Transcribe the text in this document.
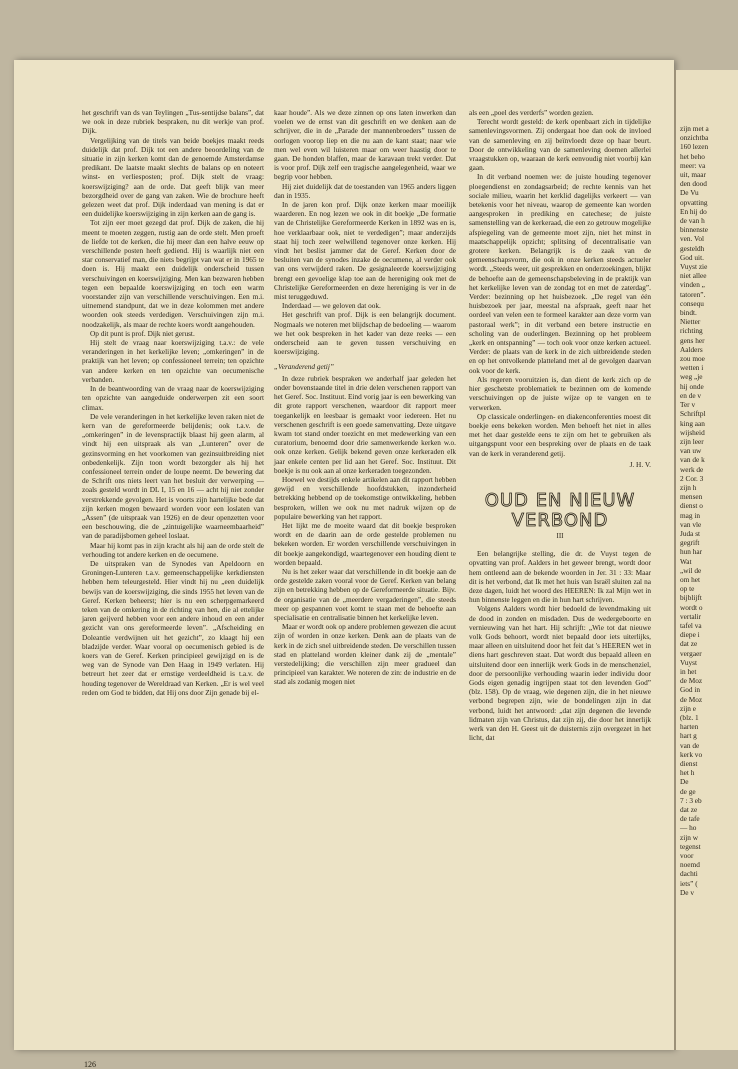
het geschrift van ds van Teylingen „Tus-sentijdse balans”, dat we ook in deze rubriek bespraken, nu dit werkje van prof. Dijk.

Vergelijking van de titels van beide boekjes maakt reeds duidelijk dat prof. Dijk tot een andere beoordeling van de situatie in zijn kerken komt dan de genoemde Amsterdamse predikant. De laatste maakt slechts de balans op en noteert winst- en verliesposten; prof. Dijk stelt de vraag: koerswijziging? aan de orde. Dat geeft blijk van meer bezorgdheid over de gang van zaken. Wie de brochure heeft gelezen weet dat prof. Dijk inderdaad van mening is dat er een duidelijke koerswijziging in zijn kerken aan de gang is.

Tot zijn eer moet gezegd dat prof. Dijk de zaken, die hij meent te moeten zeggen, rustig aan de orde stelt. Men proeft de liefde tot de kerken, die hij meer dan een halve eeuw op verschillende posten heeft gediend. Hij is waarlijk niet een star conservatief man, die niets begrijpt van wat er in 1965 te doen is. Hij maakt een duidelijk onderscheid tussen verschuivingen en koerswijziging. Men kan bezwaren hebben tegen een bepaalde koerswijziging en toch een warm voorstander zijn van verschillende verschuivingen. Een m.i. uitnemend standpunt, dat we in deze kolommen met andere woorden ook steeds verdedigen. Verschuivingen zijn m.i. noodzakelijk, als maar de rechte koers wordt aangehouden.

Op dit punt is prof. Dijk niet gerust.

Hij stelt de vraag naar koerswijziging t.a.v.: de vele veranderingen in het kerkelijke leven; „omkeringen” in de praktijk van het leven; op confessioneel terrein; ten opzichte van andere kerken en ten opzichte van oecumenische verbanden.

In de beantwoording van de vraag naar de koerswijziging ten opzichte van aangeduide onderwerpen zit een soort climax.

De vele veranderingen in het kerkelijke leven raken niet de kern van de gereformeerde belijdenis; ook t.a.v. de „omkeringen” in de levenspractijk blaast hij geen alarm, al vindt hij een uitspraak als van „Lunteren” over de gezinsvorming en het voorkomen van gezinsuitbreiding niet onbedenkelijk. Zijn toon wordt bezorgder als hij het confessioneel terrein onder de loupe neemt. De bewering dat de Schrift ons niets leert van het besluit der verwerping — zoals gesteld wordt in DL I, 15 en 16 — acht hij niet zonder verstrekkende gevolgen. Het is voorts zijn hartelijke bede dat zijn kerken mogen bewaard worden voor een loslaten van „Assen” (de uitspraak van 1926) en de deur openzetten voor een beschouwing, die de „zintuigelijke waarneembaarheid” van de paradijsbomen geheel loslaat.

Maar hij komt pas in zijn kracht als hij aan de orde stelt de verhouding tot andere kerken en de oecumene.

De uitspraken van de Synodes van Apeldoorn en Groningen-Lunteren t.a.v. gemeenschappelijke kerkdiensten hebben hem teleurgesteld. Hier vindt hij nu „een duidelijk bewijs van de koerswijziging, die sinds 1955 het leven van de Geref. Kerken beheerst; hier is nu een scherpgemarkeerd teken van de omkering in de richting van hen, die al ettelijke jaren geijverd hebben voor een andere inhoud en een ander gezicht van ons gereformeerde leven”. „Afscheiding en Doleantie verdwijnen uit het gezicht”, zo klaagt hij een bladzijde verder. Waar vooral op oecumenisch gebied is de koers van de Geref. Kerken principieel gewijzigd en is de weg van de Synode van Den Haag in 1949 verlaten. Hij betreurt het zeer dat er ernstige verdeeldheid is t.a.v. de houding tegenover de Wereldraad van Kerken. „Er is wel veel reden om God te bidden, dat Hij ons door Zijn genade bij el-

kaar houde”. Als we deze zinnen op ons laten inwerken dan voelen we de ernst van dit geschrift en we denken aan de schrijver, die in de „Parade der mannenbroeders” tussen de oorlogen voorop liep en die nu aan de kant staat; naar wie men wel even wil luisteren maar om weer haastig door te gaan. De honden blaffen, maar de karavaan trekt verder. Dat is voor prof. Dijk zelf een tragische aangelegenheid, waar we begrip voor hebben.

Hij ziet duidelijk dat de toestanden van 1965 anders liggen dan in 1935.

In de jaren kon prof. Dijk onze kerken maar moeilijk waarderen. En nog lezen we ook in dit boekje „De formatie van de Christelijke Gereformeerde Kerken in 1892 was en is, hoe verklaarbaar ook, niet te verdedigen”; maar anderzijds staat hij toch zeer welwillend tegenover onze kerken. Hij vindt het beslist jammer dat de Geref. Kerken door de besluiten van de synodes inzake de oecumene, al verder ook van ons verwijderd raken. De gesignaleerde koerswijziging brengt een gevoelige klap toe aan de hereniging ook met de Christelijke Gereformeerden en deze hereniging is ver in de mist teruggeduwd.

Inderdaad — we geloven dat ook.

Het geschrift van prof. Dijk is een belangrijk document. Nogmaals we noteren met blijdschap de bedoeling — waarom we het ook bespreken in het kader van deze reeks — een onderscheid aan te geven tussen verschuiving en koerswijziging.

„Veranderend getij”

In deze rubriek bespraken we anderhalf jaar geleden het onder bovenstaande titel in drie delen verschenen rapport van het Geref. Soc. Instituut. Eind vorig jaar is een bewerking van dit grote rapport verschenen, waardoor dit rapport meer toegankelijk en leesbaar is gemaakt voor iedereen. Het nu verschenen geschrift is een goede samenvatting. Deze uitgave kwam tot stand onder toezicht en met medewerking van een curatorium, benoemd door drie samenwerkende kerken w.o. ook onze kerken. Gelijk bekend geven onze kerkeraden elk jaar enkele centen per lid aan het Geref. Soc. Instituut. Dit boekje is nu ook aan al onze kerkeraden toegezonden.

Hoewel we destijds enkele artikelen aan dit rapport hebben gewijd en verschillende hoofdstukken, inzonderheid betrekking hebbend op de toekomstige ontwikkeling, hebben besproken, willen we ook nu met nadruk wijzen op de populaire bewerking van het rapport.

Het lijkt me de moeite waard dat dit boekje besproken wordt en de daarin aan de orde gestelde problemen nu bekeken worden. Er worden verschillende verschuivingen in dit boekje aangekondigd, waartegenover een houding dient te worden bepaald.

Nu is het zeker waar dat verschillende in dit boekje aan de orde gestelde zaken vooral voor de Geref. Kerken van belang zijn en betrekking hebben op de Gereformeerde situatie. Bijv. de organisatie van de „meerdere vergaderingen”, die steeds meer op gespannen voet komt te staan met de behoefte aan specialisatie en centralisatie binnen het kerkelijke leven.

Maar er wordt ook op andere problemen gewezen die acuut zijn of worden in onze kerken. Denk aan de plaats van de kerk in de zich snel uitbreidende steden. De verschillen tussen stad en platteland worden kleiner dank zij de „mentale” verstedelijking; die verschillen zijn meer gradueel dan principieel van karakter. We noteren de zin: de industrie en de stad als zodanig mogen niet

als een „poel des verderfs” worden gezien.

Terecht wordt gesteld: de kerk openbaart zich in tijdelijke samenlevingsvormen. Zij ondergaat hoe dan ook de invloed van de samenleving en zij beïnvloedt deze op haar beurt. Door de ontwikkeling van de samenleving doemen allerlei vraagstukken op, waaraan de kerk eenvoudig niet voorbij kàn gaan.

In dit verband noemen we: de juiste houding tegenover ploegendienst en zondagsarbeid; de rechte kennis van het sociale milieu, waarin het kerklid dagelijks verkeert — van betekenis voor het niveau, waarop de gemeente kan worden aangesproken in prediking en catechese; de juiste samenstelling van de kerkeraad, die een zo getrouw mogelijke afspiegeling van de gemeente moet zijn, niet het minst in maatschappelijk opzicht; splitsing of decentralisatie van grotere kerken. Belangrijk is de zaak van de gemeenschapsvorm, die ook in onze kerken steeds actueler wordt. „Steeds weer, uit gesprekken en onderzoekingen, blijkt de behoefte aan de gemeenschapsbeleving in de praktijk van het kerkelijke leven van de zondag tot en met de zaterdag”. Verder: bezinning op het huisbezoek. „De regel van één huisbezoek per jaar, meestal na afspraak, geeft naar het oordeel van velen een te formeel karakter aan deze vorm van pastoraal werk”; in dit verband een betere instructie en scholing van de ouderlingen. Bezinning op het probleem „kerk en ontspanning” — toch ook voor onze kerken actueel. Verder: de plaats van de kerk in de zich uitbreidende steden en op het ontvolkende platteland met al de gevolgen daarvan ook voor de kerk.

Als regeren vooruitzien is, dan dient de kerk zich op de hier geschetste problematiek te bezinnen om de komende verschuivingen op de juiste wijze op te vangen en te verwerken.

Op classicale onderlingen- en diakenconferenties moest dit boekje eens bekeken worden. Men behoeft het niet in alles met het daar gestelde eens te zijn om het te gebruiken als uitgangspunt voor een bespreking over de plaats en de taak van de kerk in veranderend getij.

J. H. V.
OUD EN NIEUW
VERBOND
III

Een belangrijke stelling, die dr. de Vuyst tegen de opvatting van prof. Aalders in het geweer brengt, wordt door hem ontleend aan de bekende woorden in Jer. 31 : 33: Maar dit is het verbond, dat Ik met het huis van Israël sluiten zal na deze dagen, luidt het woord des HEEREN: Ik zal Mijn wet in hun binnenste leggen en die in hun hart schrijven.

Volgens Aalders wordt hier bedoeld de levendmaking uit de dood in zonden en misdaden. Dus de wedergeboorte en vernieuwing van het hart. Hij schrijft: „Wie tot dat nieuwe volk Gods behoort, wordt niet bepaald door iets uiterlijks, maar alleen en uitsluitend door het feit dat 's HEEREN wet in diens hart geschreven staat. Dat wordt dus bepaald alleen en uitsluitend door een innerlijk werk Gods in de menschenziel, door de persoonlijke verhouding waarin ieder individu door Gods eigen genadig ingrijpen staat tot den levenden God” (blz. 158). Op de vraag, wie degenen zijn, die in het nieuwe verbond begrepen zijn, wie de bondelingen zijn in dat verbond, luidt het antwoord: „dat zijn degenen die levende lidmaten zijn van Christus, dat zijn zij, die door het innerlijk werk van den H. Geest uit de duisternis zijn overgezet in het licht, dat

126
zijn met a
onzichtba
160 lezen
het beho
meer: va
uit, maar
den dood
De Vu
opvatting
En hij do
de van h
binnenste
ven. Vol
gesteldh
God uit.
Vuyst zie
niet allee
vinden „
tatoren”.
consequ
bindt.
Nietter
richting
gens her
Aalders
zou moe
wetten i
weg „je
hij onde
en de v
Ter v
Schriftpl
king aan
wijsheid
zijn leer
van uw
van de k
werk de
2 Cor. 3
zijn h
mensen
dienst o
mag in
van vle
Juda st
gegrift
hun har
Wat
„wil de
om het
op te
bijblijft
wordt o
vertalir
tafel va
diepe i
dat ze
vergaer
Vuyst
in het
de Moz
God in
de Moz
zijn e
(blz. 1
harten
hart g
van de
kerk vo
dienst
het h
De
de ge
7 : 3 eb
dat ze
de tafe
— ho
zijn w
tegenst
voor
noemd
dachti
iets” (
De v
